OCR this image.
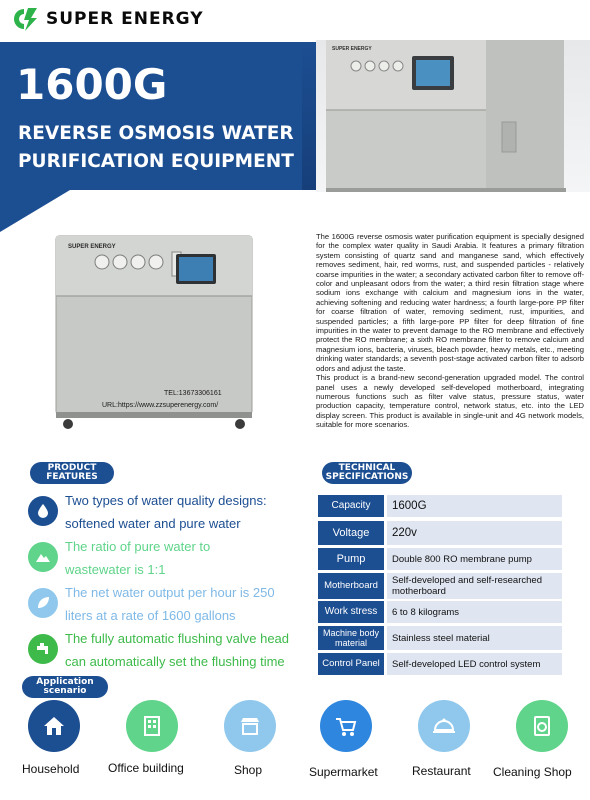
SUPER ENERGY
1600G
REVERSE OSMOSIS WATER
PURIFICATION EQUIPMENT
SUPER ENERGY
SUPER ENERGY
TEL:13673306161
URL:https://www.zzsuperenergy.com/
The 1600G reverse osmosis water purification equipment is specially designed for the complex water quality in Saudi Arabia. It features a primary filtration system consisting of quartz sand and manganese sand, which effectively removes sediment, hair, red worms, rust, and suspended particles - relatively coarse impurities in the water; a secondary activated carbon filter to remove off-color and unpleasant odors from the water; a third resin filtration stage where sodium ions exchange with calcium and magnesium ions in the water, achieving softening and reducing water hardness; a fourth large-pore PP filter for coarse filtration of water, removing sediment, rust, impurities, and suspended particles; a fifth large-pore PP filter for deep filtration of fine impurities in the water to prevent damage to the RO membrane and effectively protect the RO membrane; a sixth RO membrane filter to remove calcium and magnesium ions, bacteria, viruses, bleach powder, heavy metals, etc., meeting drinking water standards; a seventh post-stage activated carbon filter to adsorb odors and adjust the taste.
This product is a brand-new second-generation upgraded model. The control panel uses a newly developed self-developed motherboard, integrating numerous functions such as filter valve status, pressure status, water production capacity, temperature control, network status, etc. into the LED display screen. This product is available in single-unit and 4G network models, suitable for more scenarios.
PRODUCT
FEATURES
Two types of water quality designs:
softened water and pure water
The ratio of pure water to
wastewater is 1:1
The net water output per hour is 250
liters at a rate of 1600 gallons
The fully automatic flushing valve head
can automatically set the flushing time
TECHNICAL
SPECIFICATIONS
Capacity	1600G
Voltage	220v
Pump	Double 800 RO membrane pump
Motherboard	Self-developed and self-researched motherboard
Work stress	6 to 8 kilograms
Machine body material	Stainless steel material
Control Panel	Self-developed LED control system
Application
scenario
Household Office building	Shop	Supermarket	Restaurant Cleaning Shop
